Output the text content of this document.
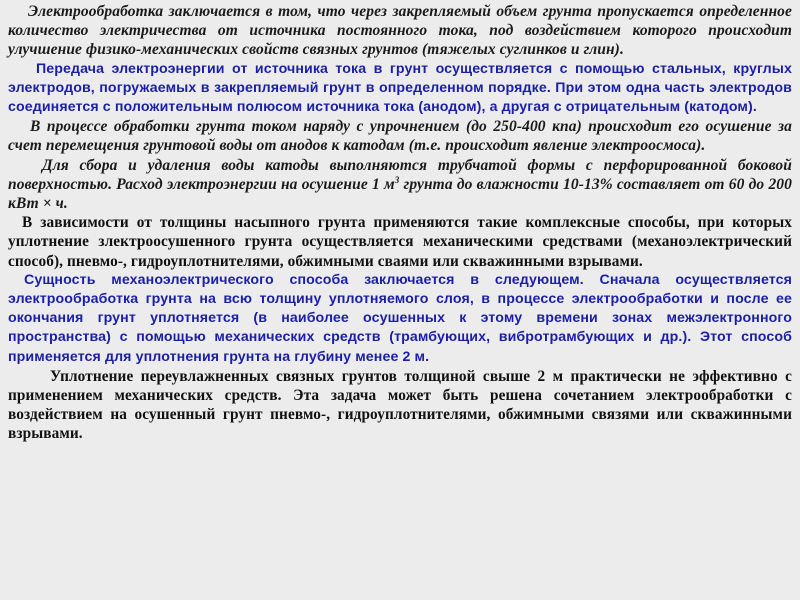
Электрообработка заключается в том, что через закрепляемый объем грунта пропускается определенное количество электричества от источника постоянного тока, под воздействием которого происходит улучшение физико-механических свойств связных грунтов (тяжелых суглинков и глин).

Передача электроэнергии от источника тока в грунт осуществляется с помощью стальных, круглых электродов, погружаемых в закрепляемый грунт в определенном порядке. При этом одна часть электродов соединяется с положительным полюсом источника тока (анодом), а другая с отрицательным (катодом).

В процессе обработки грунта током наряду с упрочнением (до 250-400 кпа) происходит его осушение за счет перемещения грунтовой воды от анодов к катодам (т.е. происходит явление электроосмоса).

Для сбора и удаления воды катоды выполняются трубчатой формы с перфорированной боковой поверхностью. Расход электроэнергии на осушение 1 $м^3$ грунта до влажности 10-13% составляет от 60 до 200 кВт × ч.

В зависимости от толщины насыпного грунта применяются такие комплексные способы, при которых уплотнение злектроосушенного грунта осуществляется механическими средствами (механоэлектрический способ), пневмо-, гидроуплотнителями, обжимными сваями или скважинными взрывами.

Сущность механоэлектрического способа заключается в следующем. Сначала осуществляется электрообработка грунта на всю толщину уплотняемого слоя, в процессе электрообработки и после ее окончания грунт уплотняется (в наиболее осушенных к этому времени зонах межэлектронного пространства) с помощью механических средств (трамбующих, вибротрамбующих и др.). Этот способ применяется для уплотнения грунта на глубину менее 2 м.

Уплотнение переувлажненных связных грунтов толщиной свыше 2 м практически не эффективно с применением механических средств. Эта задача может быть решена сочетанием электрообработки с воздействием на осушенный грунт пневмо-, гидроуплотнителями, обжимными связями или скважинными взрывами.
